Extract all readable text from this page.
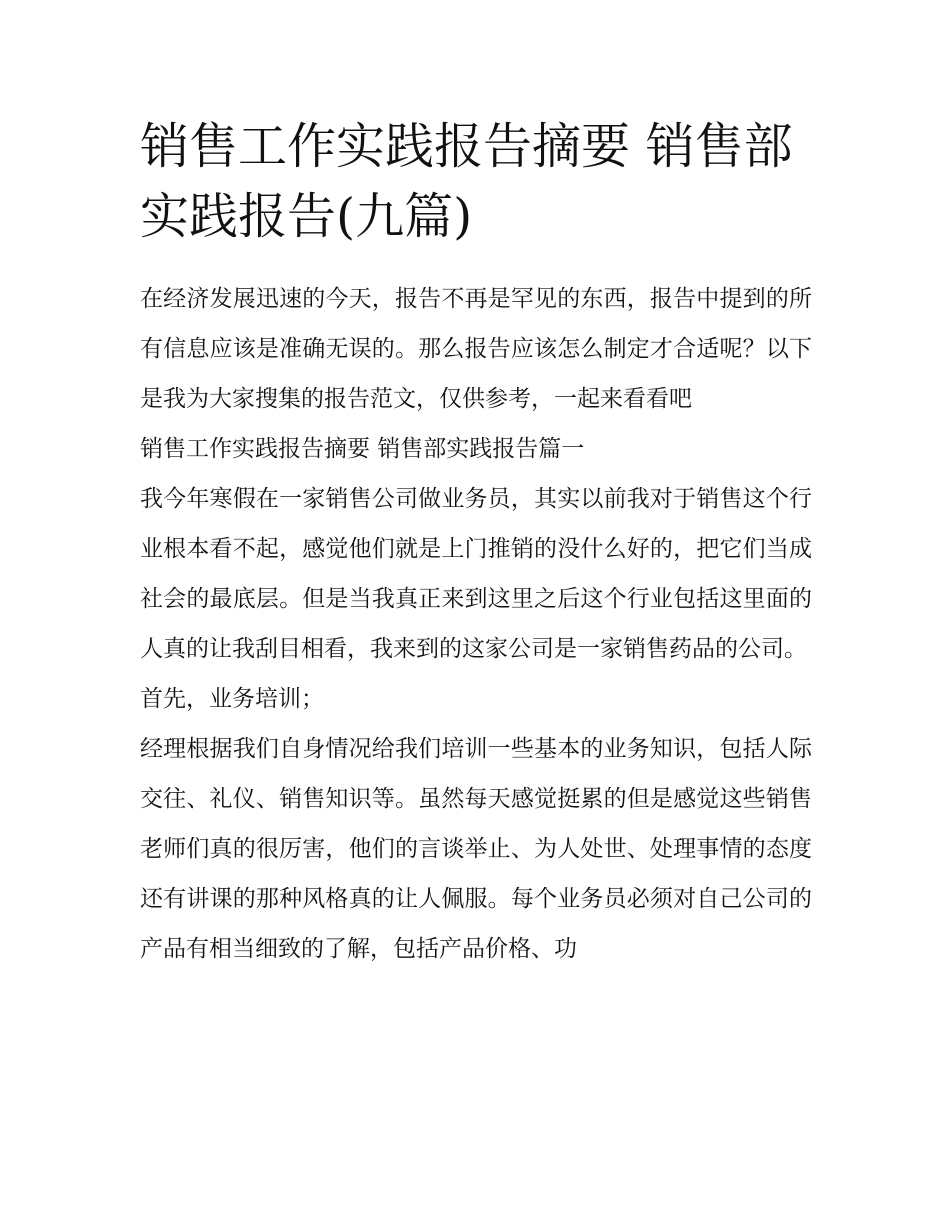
销售工作实践报告摘要 销售部实践报告(九篇)

在经济发展迅速的今天，报告不再是罕见的东西，报告中提到的所有信息应该是准确无误的。那么报告应该怎么制定才合适呢？以下是我为大家搜集的报告范文，仅供参考，一起来看看吧

销售工作实践报告摘要 销售部实践报告篇一

我今年寒假在一家销售公司做业务员，其实以前我对于销售这个行业根本看不起，感觉他们就是上门推销的没什么好的，把它们当成社会的最底层。但是当我真正来到这里之后这个行业包括这里面的人真的让我刮目相看，我来到的这家公司是一家销售药品的公司。

首先，业务培训；

经理根据我们自身情况给我们培训一些基本的业务知识，包括人际交往、礼仪、销售知识等。虽然每天感觉挺累的但是感觉这些销售老师们真的很厉害，他们的言谈举止、为人处世、处理事情的态度还有讲课的那种风格真的让人佩服。每个业务员必须对自己公司的产品有相当细致的了解，包括产品价格、功
